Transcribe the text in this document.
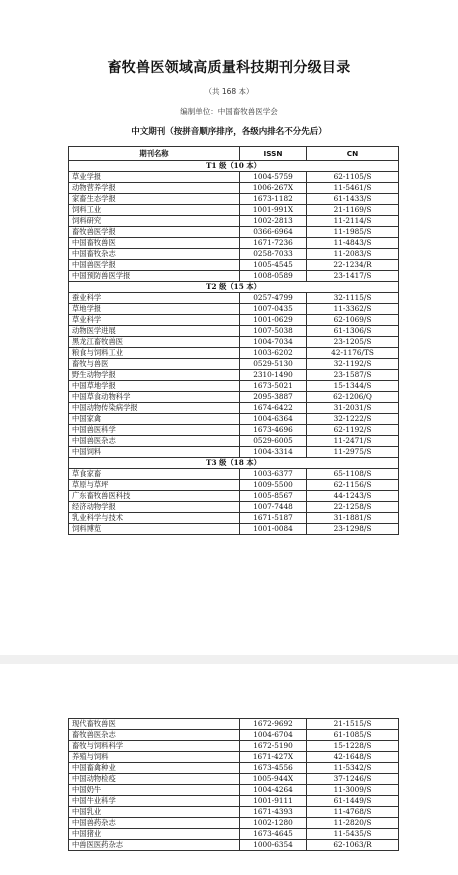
畜牧兽医领域高质量科技期刊分级目录
（共 168 本）
编制单位：中国畜牧兽医学会
中文期刊（按拼音顺序排序，各级内排名不分先后）
期刊名称	ISSN	CN
T1 级（10 本）		
草业学报	1004-5759	62-1105/S
动物营养学报	1006-267X	11-5461/S
家畜生态学报	1673-1182	61-1433/S
饲料工业	1001-991X	21-1169/S
饲料研究	1002-2813	11-2114/S
畜牧兽医学报	0366-6964	11-1985/S
中国畜牧兽医	1671-7236	11-4843/S
中国畜牧杂志	0258-7033	11-2083/S
中国兽医学报	1005-4545	22-1234/R
中国预防兽医学报	1008-0589	23-1417/S
T2 级（15 本）		
蚕业科学	0257-4799	32-1115/S
草地学报	1007-0435	11-3362/S
草业科学	1001-0629	62-1069/S
动物医学进展	1007-5038	61-1306/S
黑龙江畜牧兽医	1004-7034	23-1205/S
粮食与饲料工业	1003-6202	42-1176/TS
畜牧与兽医	0529-5130	32-1192/S
野生动物学报	2310-1490	23-1587/S
中国草地学报	1673-5021	15-1344/S
中国草食动物科学	2095-3887	62-1206/Q
中国动物传染病学报	1674-6422	31-2031/S
中国家禽	1004-6364	32-1222/S
中国兽医科学	1673-4696	62-1192/S
中国兽医杂志	0529-6005	11-2471/S
中国饲料	1004-3314	11-2975/S
T3 级（18 本）		
草食家畜	1003-6377	65-1108/S
草原与草坪	1009-5500	62-1156/S
广东畜牧兽医科技	1005-8567	44-1243/S
经济动物学报	1007-7448	22-1258/S
乳业科学与技术	1671-5187	31-1881/S
饲料博览	1001-0084	23-1298/S
现代畜牧兽医	1672-9692	21-1515/S
畜牧兽医杂志	1004-6704	61-1085/S
畜牧与饲料科学	1672-5190	15-1228/S
养殖与饲料	1671-427X	42-1648/S
中国畜禽种业	1673-4556	11-5342/S
中国动物检疫	1005-944X	37-1246/S
中国奶牛	1004-4264	11-3009/S
中国牛业科学	1001-9111	61-1449/S
中国乳业	1671-4393	11-4768/S
中国兽药杂志	1002-1280	11-2820/S
中国猪业	1673-4645	11-5435/S
中兽医医药杂志	1000-6354	62-1063/R
